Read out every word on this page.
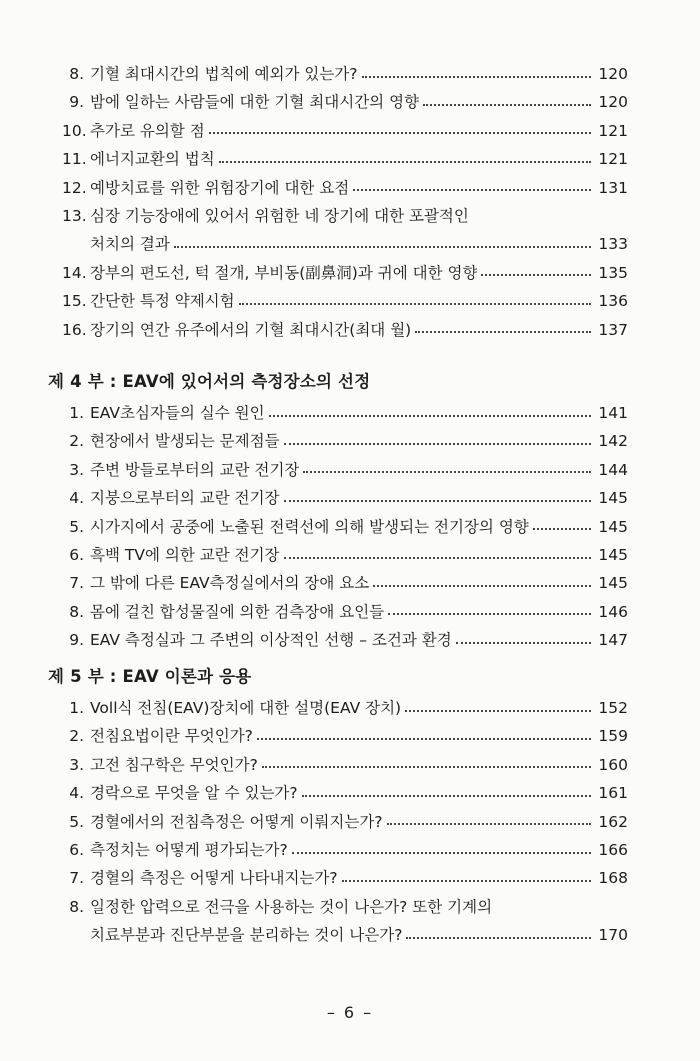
8. 기혈 최대시간의 법칙에 예외가 있는가?	120
9. 밤에 일하는 사람들에 대한 기혈 최대시간의 영향	120
10. 추가로 유의할 점	121
11. 에너지교환의 법칙	121
12. 예방치료를 위한 위험장기에 대한 요점	131
13. 심장 기능장애에 있어서 위험한 네 장기에 대한 포괄적인
처치의 결과	133
14. 장부의 편도선, 턱 절개, 부비동(副鼻洞)과 귀에 대한 영향	135
15. 간단한 특정 약제시험	136
16. 장기의 연간 유주에서의 기혈 최대시간(최대 월)	137
제 4 부 : EAV에 있어서의 측정장소의 선정
1. EAV초심자들의 실수 원인	141
2. 현장에서 발생되는 문제점들	142
3. 주변 방들로부터의 교란 전기장	144
4. 지붕으로부터의 교란 전기장	145
5. 시가지에서 공중에 노출된 전력선에 의해 발생되는 전기장의 영향	145
6. 흑백 TV에 의한 교란 전기장	145
7. 그 밖에 다른 EAV측정실에서의 장애 요소	145
8. 몸에 걸친 합성물질에 의한 검측장애 요인들	146
9. EAV 측정실과 그 주변의 이상적인 선행 – 조건과 환경	147
제 5 부 : EAV 이론과 응용
1. Voll식 전침(EAV)장치에 대한 설명(EAV 장치)	152
2. 전침요법이란 무엇인가?	159
3. 고전 침구학은 무엇인가?	160
4. 경락으로 무엇을 알 수 있는가?	161
5. 경혈에서의 전침측정은 어떻게 이뤄지는가?	162
6. 측정치는 어떻게 평가되는가?	166
7. 경혈의 측정은 어떻게 나타내지는가?	168
8. 일정한 압력으로 전극을 사용하는 것이 나은가? 또한 기계의
치료부분과 진단부분을 분리하는 것이 나은가?	170
– 6 –
